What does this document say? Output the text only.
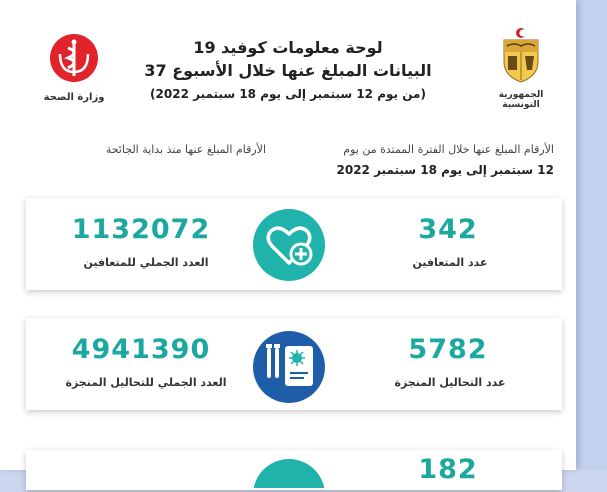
الجمهورية التونسية
وزارة الصحة
لوحة معلومات كوفيد 19
البيانات المبلغ عنها خلال الأسبوع 37
(من يوم 12 سبتمبر إلى يوم 18 سبتمبر 2022)
الأرقام المبلغ عنها خلال الفترة الممتدة من يوم
12 سبتمبر إلى يوم 18 سبتمبر 2022
الأرقام المبلغ عنها منذ بداية الجائحة
342
عدد المتعافين
1132072
العدد الجملي للمتعافين
5782
عدد التحاليل المنجزة
4941390
العدد الجملي للتحاليل المنجزة
182
